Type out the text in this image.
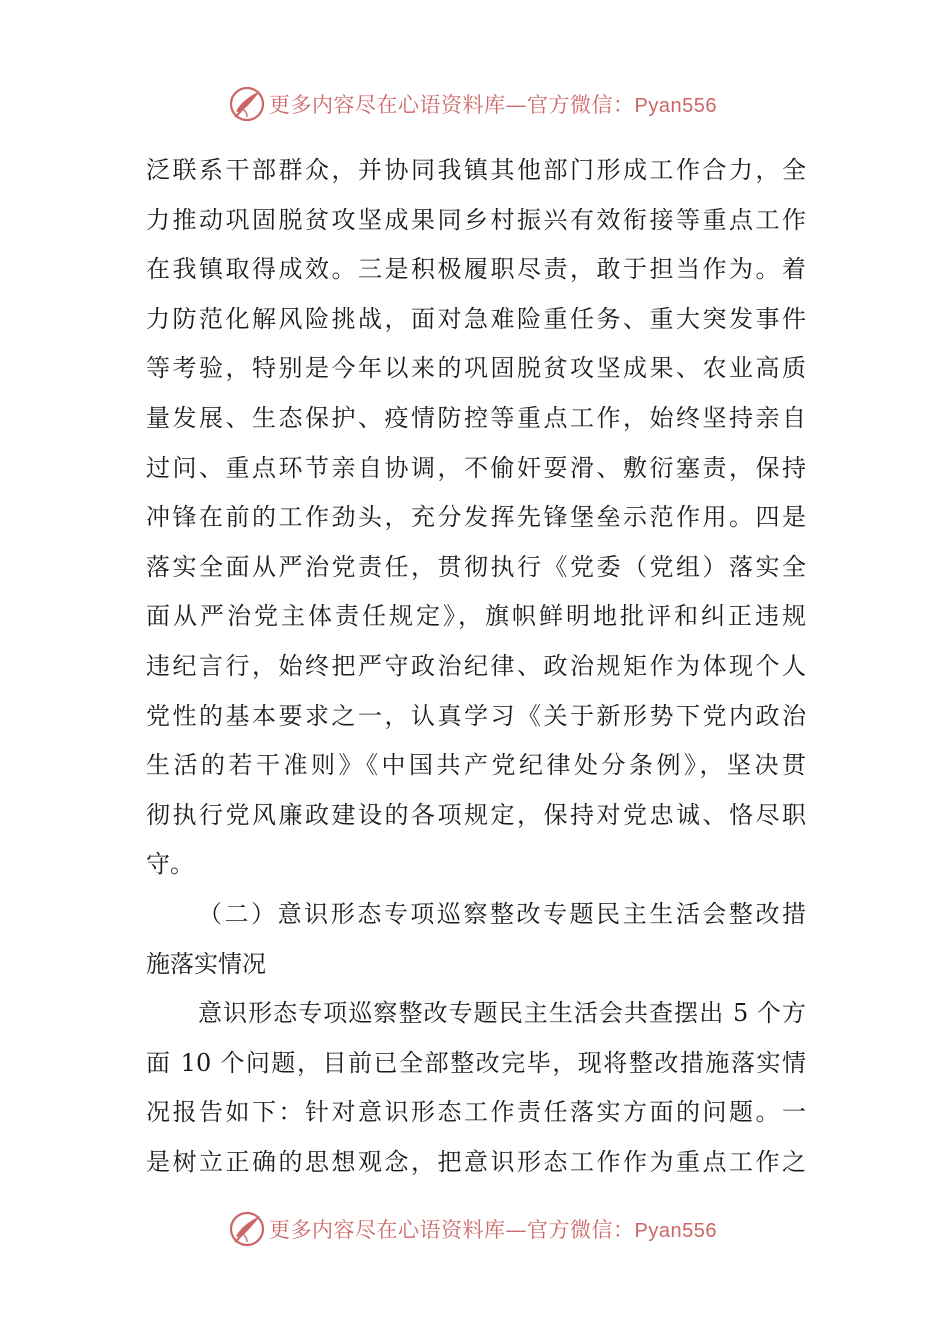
更多内容尽在心语资料库—官方微信：Pyan556
泛联系干部群众，并协同我镇其他部门形成工作合力，全
力推动巩固脱贫攻坚成果同乡村振兴有效衔接等重点工作
在我镇取得成效。三是积极履职尽责，敢于担当作为。着
力防范化解风险挑战，面对急难险重任务、重大突发事件
等考验，特别是今年以来的巩固脱贫攻坚成果、农业高质
量发展、生态保护、疫情防控等重点工作，始终坚持亲自
过问、重点环节亲自协调，不偷奸耍滑、敷衍塞责，保持
冲锋在前的工作劲头，充分发挥先锋堡垒示范作用。四是
落实全面从严治党责任，贯彻执行《党委（党组）落实全
面从严治党主体责任规定》，旗帜鲜明地批评和纠正违规
违纪言行，始终把严守政治纪律、政治规矩作为体现个人
党性的基本要求之一，认真学习《关于新形势下党内政治
生活的若干准则》《中国共产党纪律处分条例》，坚决贯
彻执行党风廉政建设的各项规定，保持对党忠诚、恪尽职
守。
（二）意识形态专项巡察整改专题民主生活会整改措
施落实情况
意识形态专项巡察整改专题民主生活会共查摆出 5 个方
面 10 个问题，目前已全部整改完毕，现将整改措施落实情
况报告如下：针对意识形态工作责任落实方面的问题。一
是树立正确的思想观念，把意识形态工作作为重点工作之
更多内容尽在心语资料库—官方微信：Pyan556
